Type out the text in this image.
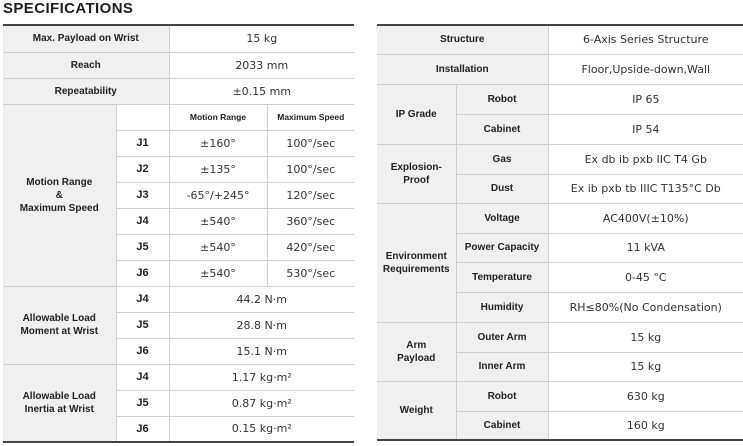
SPECIFICATIONS
Max. Payload on Wrist		15 kg	
Reach		2033 mm	
Repeatability		±0.15 mm	
Motion Range
&
Maximum Speed		Motion Range	Maximum Speed
	J1	±160°	100°/sec
	J2	±135°	100°/sec
	J3	-65°/+245°	120°/sec
	J4	±540°	360°/sec
	J5	±540°	420°/sec
	J6	±540°	530°/sec
Allowable Load
Moment at Wrist	J4	44.2 N·m	
	J5	28.8 N·m	
	J6	15.1 N·m	
Allowable Load
Inertia at Wrist	J4	1.17 kg·m²	
	J5	0.87 kg·m²	
	J6	0.15 kg·m²	
Structure		6-Axis Series Structure
Installation		Floor,Upside-down,Wall
IP Grade	Robot	IP 65
	Cabinet	IP 54
Explosion-
Proof	Gas	Ex db ib pxb IIC T4 Gb
	Dust	Ex ib pxb tb IIIC T135°C Db
Environment
Requirements	Voltage	AC400V(±10%)
	Power Capacity	11 kVA
	Temperature	0-45 °C
	Humidity	RH≤80%(No Condensation)
Arm
Payload	Outer Arm	15 kg
	Inner Arm	15 kg
Weight	Robot	630 kg
	Cabinet	160 kg
